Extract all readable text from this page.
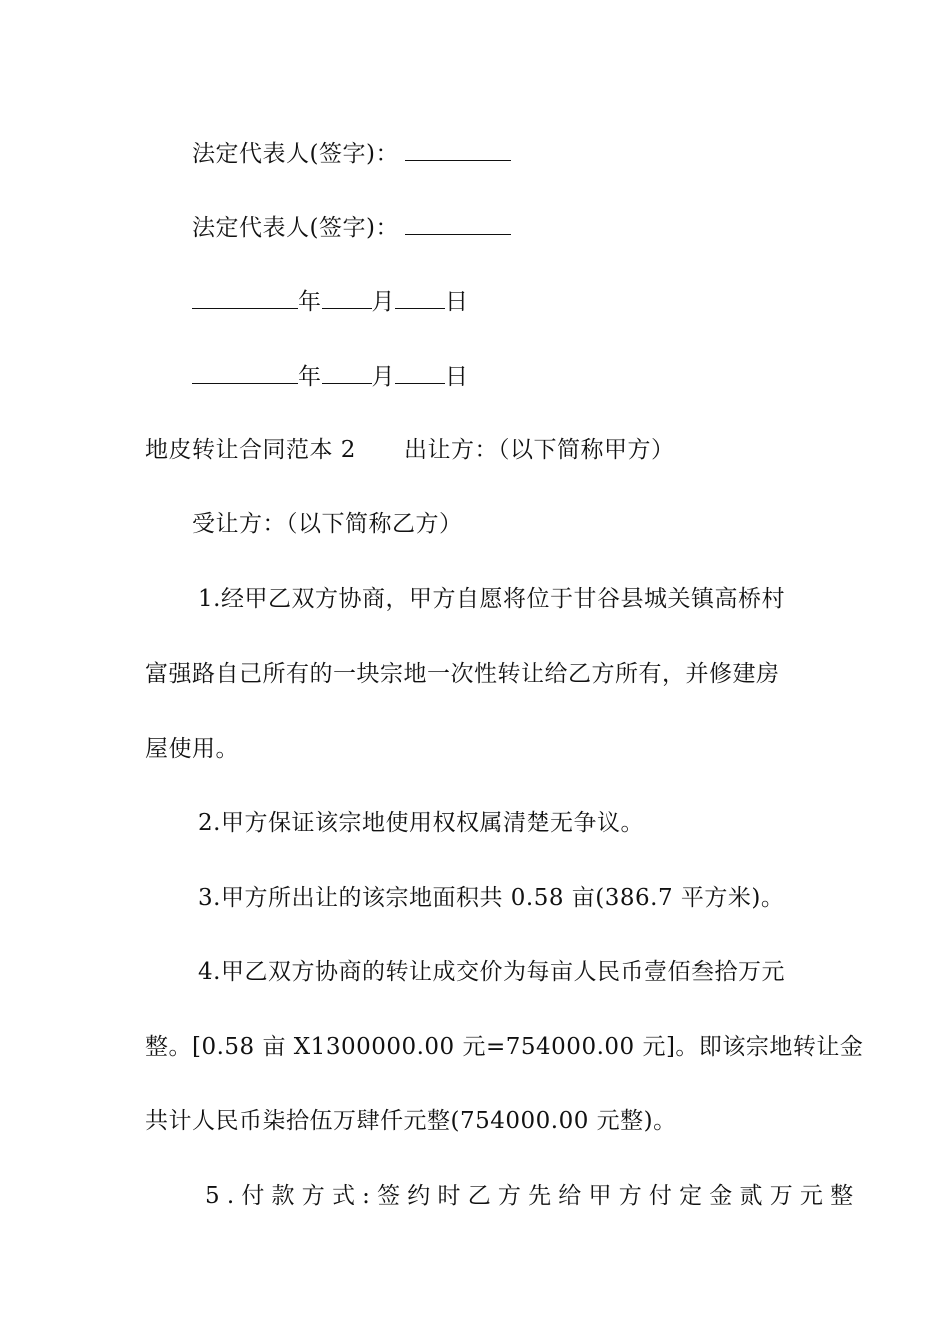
法定代表人(签字)：
法定代表人(签字)：
年 月 日
年 月 日
地皮转让合同范本 2 出让方：（以下简称甲方）
受让方：（以下简称乙方）
1.经甲乙双方协商，甲方自愿将位于甘谷县城关镇高桥村
富强路自己所有的一块宗地一次性转让给乙方所有，并修建房
屋使用。
2.甲方保证该宗地使用权权属清楚无争议。
3.甲方所出让的该宗地面积共 0.58 亩(386.7 平方米)。
4.甲乙双方协商的转让成交价为每亩人民币壹佰叁拾万元
整。[0.58 亩 X1300000.00 元=754000.00 元]。即该宗地转让金
共计人民币柒拾伍万肆仟元整(754000.00 元整)。
5.付款方式:签约时乙方先给甲方付定金贰万元整
